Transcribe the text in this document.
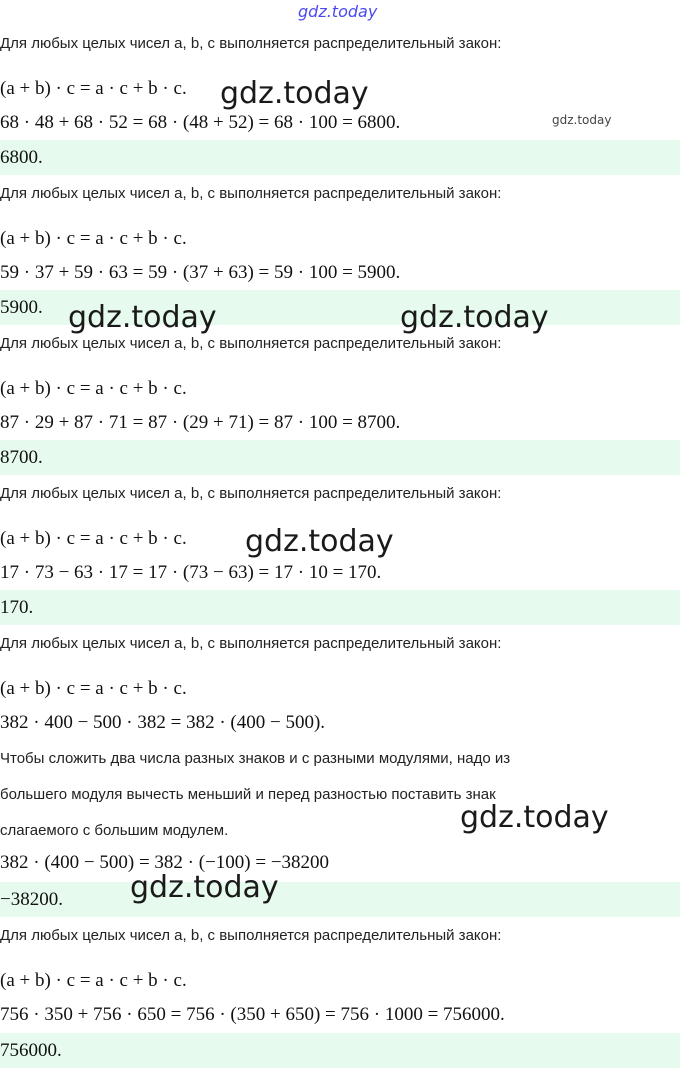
gdz.today
Для любых целых чисел a, b, c выполняется распределительный закон:
(a + b) · c = a · c + b · c.
68 · 48 + 68 · 52 = 68 · (48 + 52) = 68 · 100 = 6800.
6800.
Для любых целых чисел a, b, c выполняется распределительный закон:
(a + b) · c = a · c + b · c.
59 · 37 + 59 · 63 = 59 · (37 + 63) = 59 · 100 = 5900.
5900.
Для любых целых чисел a, b, c выполняется распределительный закон:
(a + b) · c = a · c + b · c.
87 · 29 + 87 · 71 = 87 · (29 + 71) = 87 · 100 = 8700.
8700.
Для любых целых чисел a, b, c выполняется распределительный закон:
(a + b) · c = a · c + b · c.
17 · 73 − 63 · 17 = 17 · (73 − 63) = 17 · 10 = 170.
170.
Для любых целых чисел a, b, c выполняется распределительный закон:
(a + b) · c = a · c + b · c.
382 · 400 − 500 · 382 = 382 · (400 − 500).
Чтобы сложить два числа разных знаков и с разными модулями, надо из
большего модуля вычесть меньший и перед разностью поставить знак
слагаемого с большим модулем.
382 · (400 − 500) = 382 · (−100) = −38200
−38200.
Для любых целых чисел a, b, c выполняется распределительный закон:
(a + b) · c = a · c + b · c.
756 · 350 + 756 · 650 = 756 · (350 + 650) = 756 · 1000 = 756000.
756000.
gdz.today
gdz.today
gdz.today	gdz.today
gdz.today
gdz.today
gdz.today
